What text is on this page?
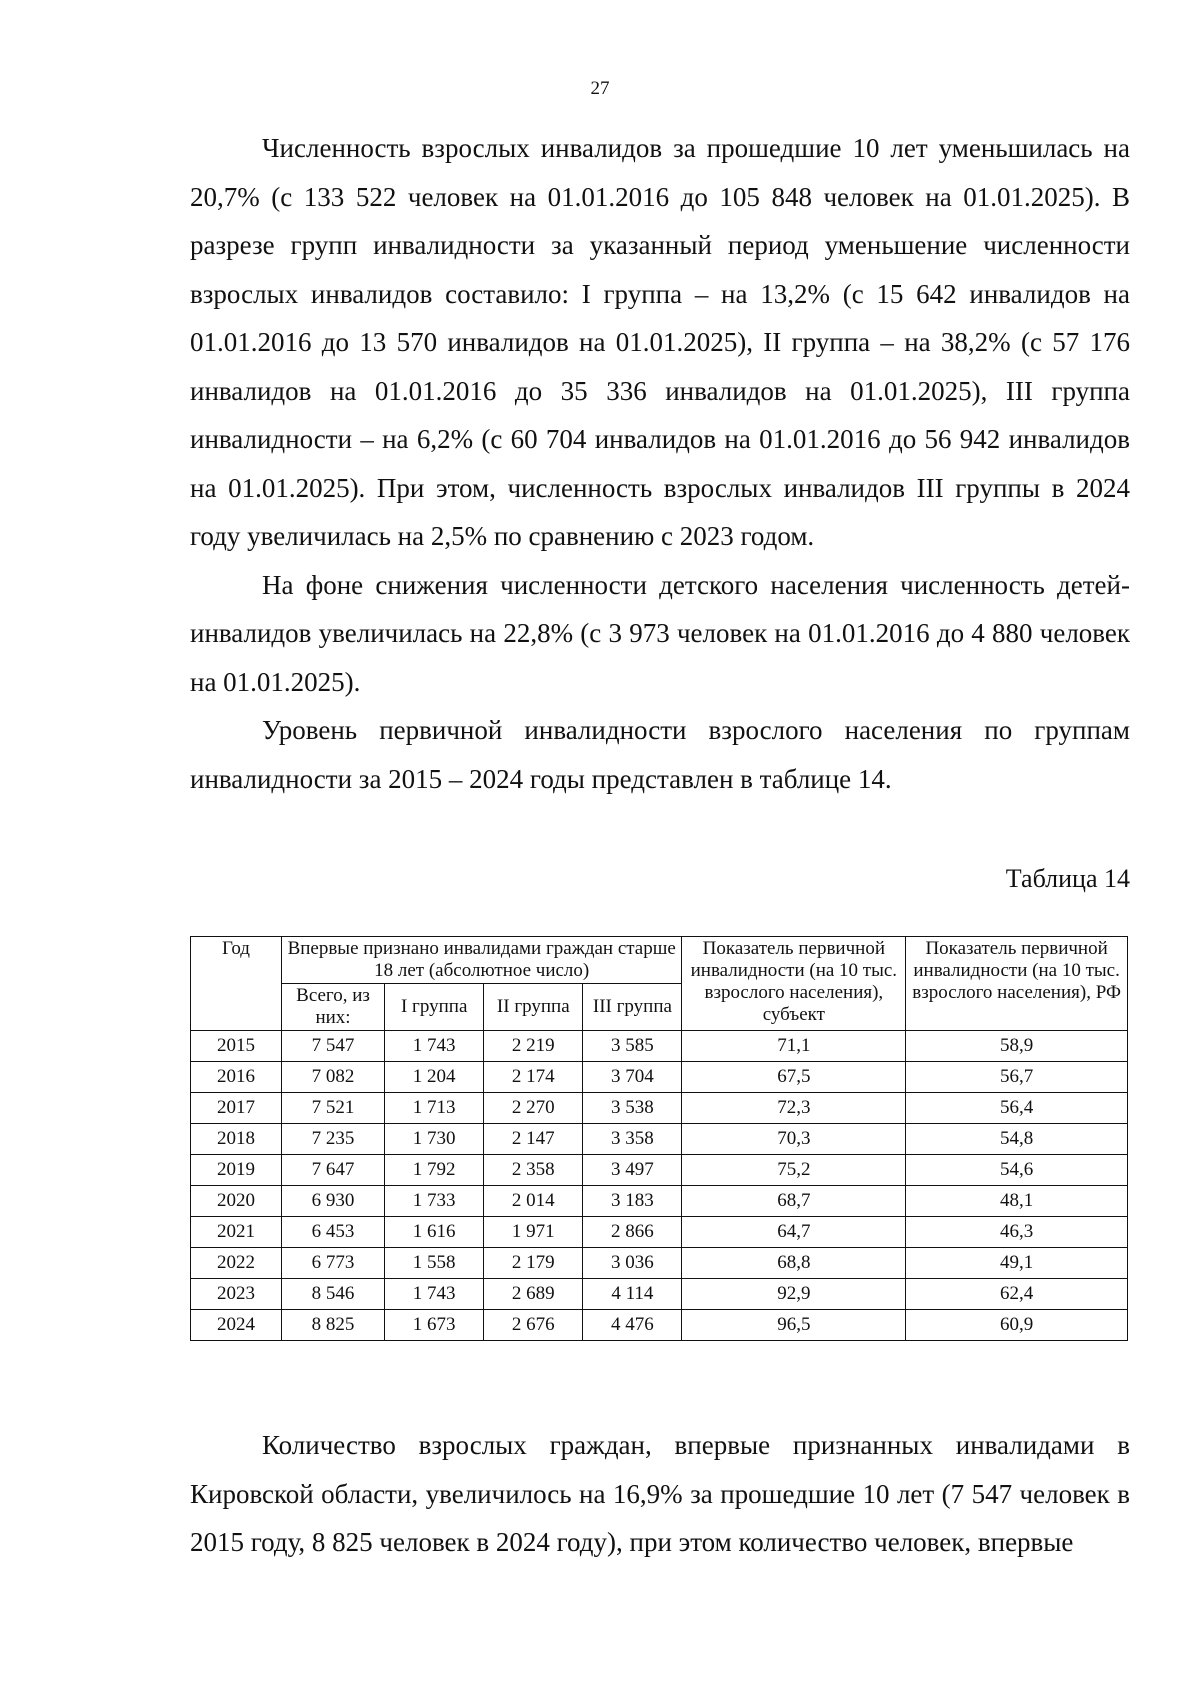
27

Численность взрослых инвалидов за прошедшие 10 лет уменьшилась на 20,7% (с 133 522 человек на 01.01.2016 до 105 848 человек на 01.01.2025). В разрезе групп инвалидности за указанный период уменьшение численности взрослых инвалидов составило: I группа – на 13,2% (с 15 642 инвалидов на 01.01.2016 до 13 570 инвалидов на 01.01.2025), II группа – на 38,2% (с 57 176 инвалидов на 01.01.2016 до 35 336 инвалидов на 01.01.2025), III группа инвалидности – на 6,2% (с 60 704 инвалидов на 01.01.2016 до 56 942 инвалидов на 01.01.2025). При этом, численность взрослых инвалидов III группы в 2024 году увеличилась на 2,5% по сравнению с 2023 годом.

На фоне снижения численности детского населения численность детей-инвалидов увеличилась на 22,8% (с 3 973 человек на 01.01.2016 до 4 880 человек на 01.01.2025).

Уровень первичной инвалидности взрослого населения по группам инвалидности за 2015 – 2024 годы представлен в таблице 14.

Таблица 14
Год	Впервые признано инвалидами граждан старше 18 лет (абсолютное число)				Показатель первичной инвалидности (на 10 тыс. взрослого населения), субъект	Показатель первичной инвалидности (на 10 тыс. взрослого населения), РФ
	Всего, из них:	I группа	II группа	III группа		
2015	7 547	1 743	2 219	3 585	71,1	58,9
2016	7 082	1 204	2 174	3 704	67,5	56,7
2017	7 521	1 713	2 270	3 538	72,3	56,4
2018	7 235	1 730	2 147	3 358	70,3	54,8
2019	7 647	1 792	2 358	3 497	75,2	54,6
2020	6 930	1 733	2 014	3 183	68,7	48,1
2021	6 453	1 616	1 971	2 866	64,7	46,3
2022	6 773	1 558	2 179	3 036	68,8	49,1
2023	8 546	1 743	2 689	4 114	92,9	62,4
2024	8 825	1 673	2 676	4 476	96,5	60,9

Количество взрослых граждан, впервые признанных инвалидами в Кировской области, увеличилось на 16,9% за прошедшие 10 лет (7 547 человек в 2015 году, 8 825 человек в 2024 году), при этом количество человек, впервые
